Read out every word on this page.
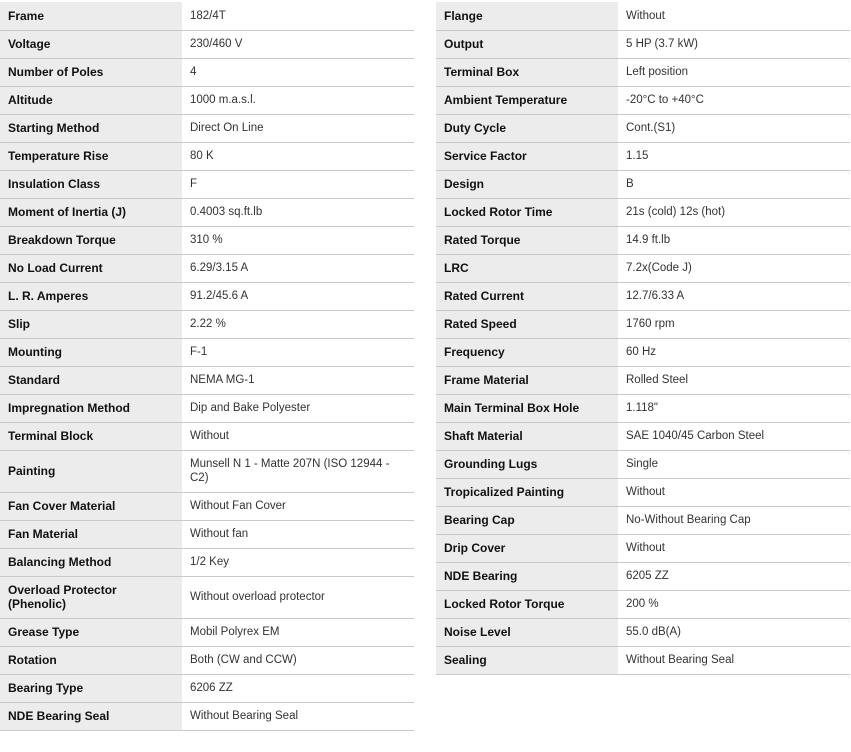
Frame	182/4T
Voltage	230/460 V
Number of Poles	4
Altitude	1000 m.a.s.l.
Starting Method	Direct On Line
Temperature Rise	80 K
Insulation Class	F
Moment of Inertia (J)	0.4003 sq.ft.lb
Breakdown Torque	310 %
No Load Current	6.29/3.15 A
L. R. Amperes	91.2/45.6 A
Slip	2.22 %
Mounting	F-1
Standard	NEMA MG-1
Impregnation Method	Dip and Bake Polyester
Terminal Block	Without
Painting	Munsell N 1 - Matte 207N (ISO 12944 - C2)
Fan Cover Material	Without Fan Cover
Fan Material	Without fan
Balancing Method	1/2 Key
Overload Protector (Phenolic)	Without overload protector
Grease Type	Mobil Polyrex EM
Rotation	Both (CW and CCW)
Bearing Type	6206 ZZ
NDE Bearing Seal	Without Bearing Seal
Flange	Without
Output	5 HP (3.7 kW)
Terminal Box	Left position
Ambient Temperature	-20°C to +40°C
Duty Cycle	Cont.(S1)
Service Factor	1.15
Design	B
Locked Rotor Time	21s (cold) 12s (hot)
Rated Torque	14.9 ft.lb
LRC	7.2x(Code J)
Rated Current	12.7/6.33 A
Rated Speed	1760 rpm
Frequency	60 Hz
Frame Material	Rolled Steel
Main Terminal Box Hole	1.118"
Shaft Material	SAE 1040/45 Carbon Steel
Grounding Lugs	Single
Tropicalized Painting	Without
Bearing Cap	No-Without Bearing Cap
Drip Cover	Without
NDE Bearing	6205 ZZ
Locked Rotor Torque	200 %
Noise Level	55.0 dB(A)
Sealing	Without Bearing Seal
